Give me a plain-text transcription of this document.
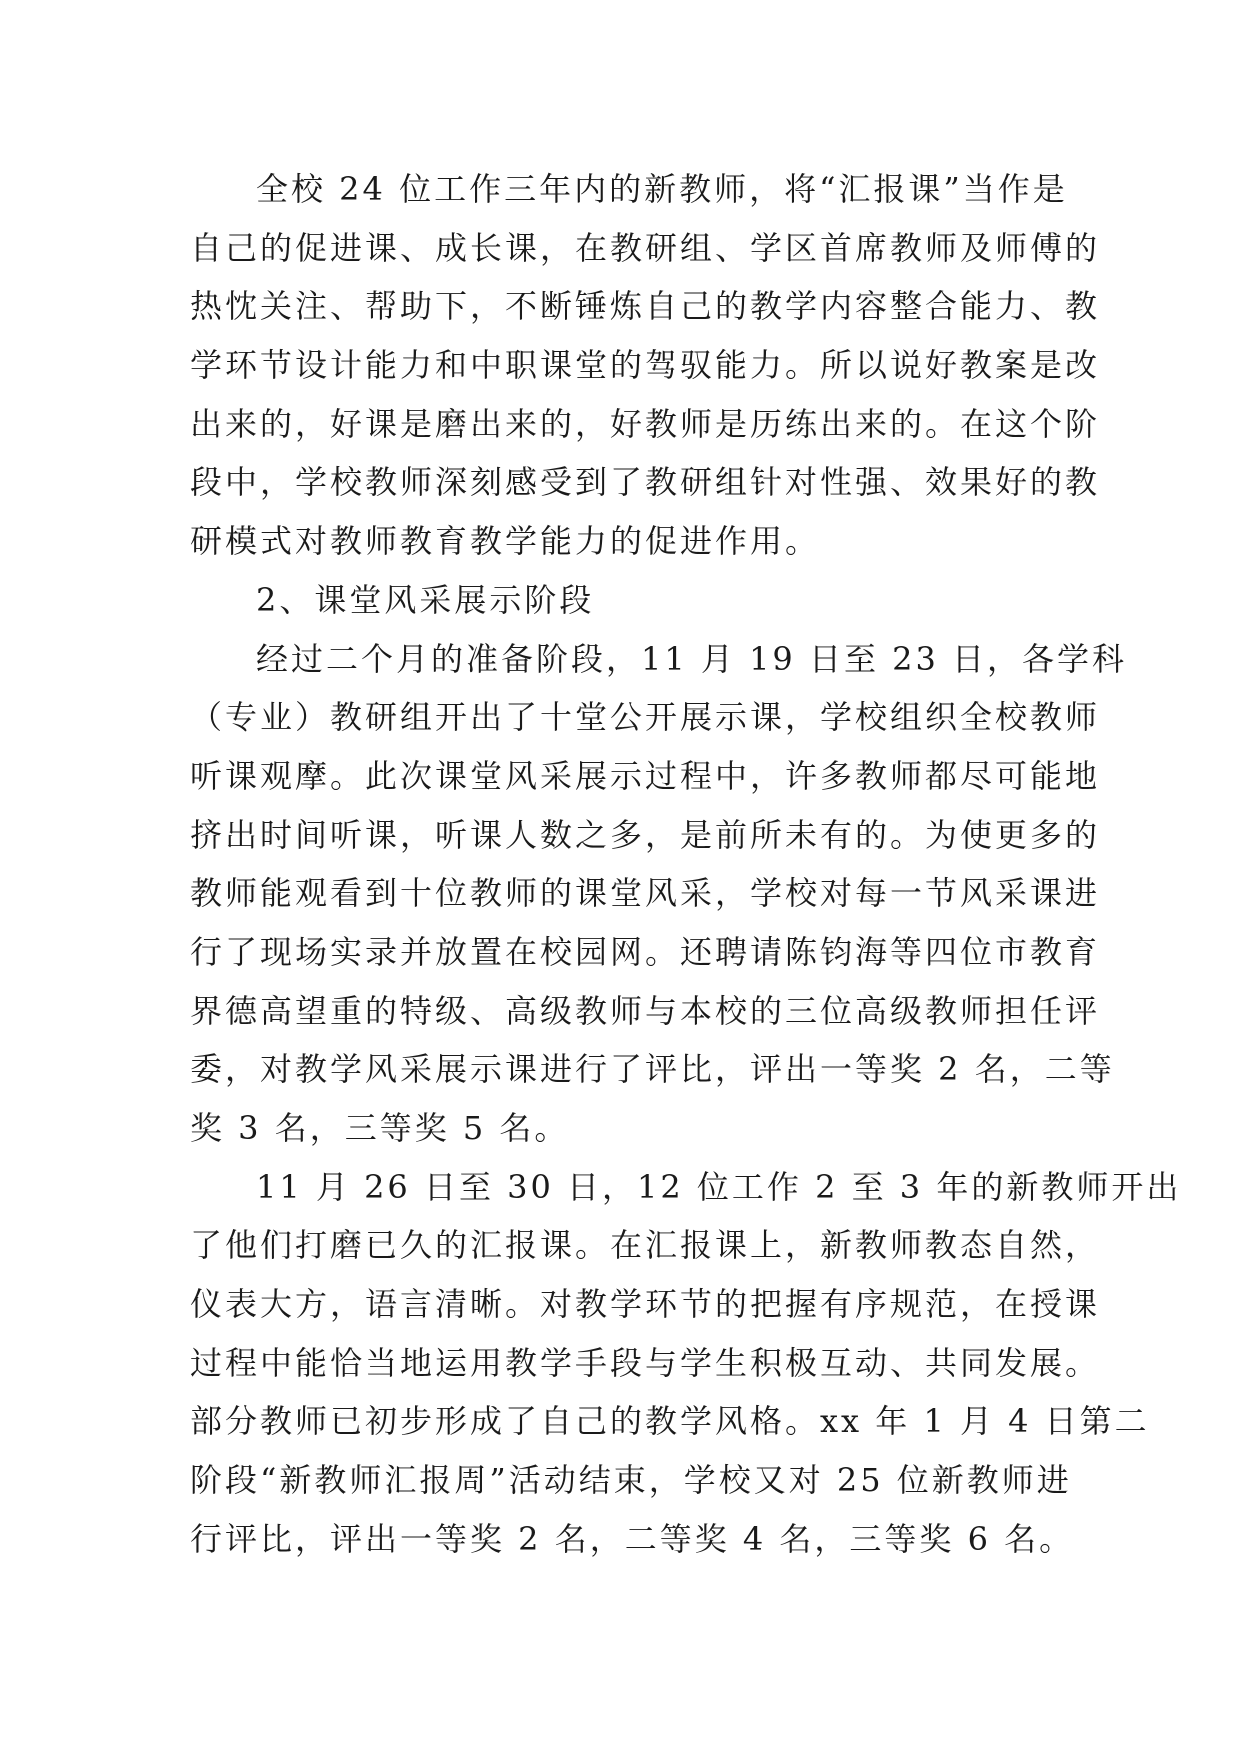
全校 24 位工作三年内的新教师，将“汇报课”当作是
自己的促进课、成长课，在教研组、学区首席教师及师傅的
热忱关注、帮助下，不断锤炼自己的教学内容整合能力、教
学环节设计能力和中职课堂的驾驭能力。所以说好教案是改
出来的，好课是磨出来的，好教师是历练出来的。在这个阶
段中，学校教师深刻感受到了教研组针对性强、效果好的教
研模式对教师教育教学能力的促进作用。
2、课堂风采展示阶段
经过二个月的准备阶段，11 月 19 日至 23 日，各学科
（专业）教研组开出了十堂公开展示课，学校组织全校教师
听课观摩。此次课堂风采展示过程中，许多教师都尽可能地
挤出时间听课，听课人数之多，是前所未有的。为使更多的
教师能观看到十位教师的课堂风采，学校对每一节风采课进
行了现场实录并放置在校园网。还聘请陈钧海等四位市教育
界德高望重的特级、高级教师与本校的三位高级教师担任评
委，对教学风采展示课进行了评比，评出一等奖 2 名，二等
奖 3 名，三等奖 5 名。
11 月 26 日至 30 日，12 位工作 2 至 3 年的新教师开出
了他们打磨已久的汇报课。在汇报课上，新教师教态自然，
仪表大方，语言清晰。对教学环节的把握有序规范，在授课
过程中能恰当地运用教学手段与学生积极互动、共同发展。
部分教师已初步形成了自己的教学风格。xx 年 1 月 4 日第二
阶段“新教师汇报周”活动结束，学校又对 25 位新教师进
行评比，评出一等奖 2 名，二等奖 4 名，三等奖 6 名。
